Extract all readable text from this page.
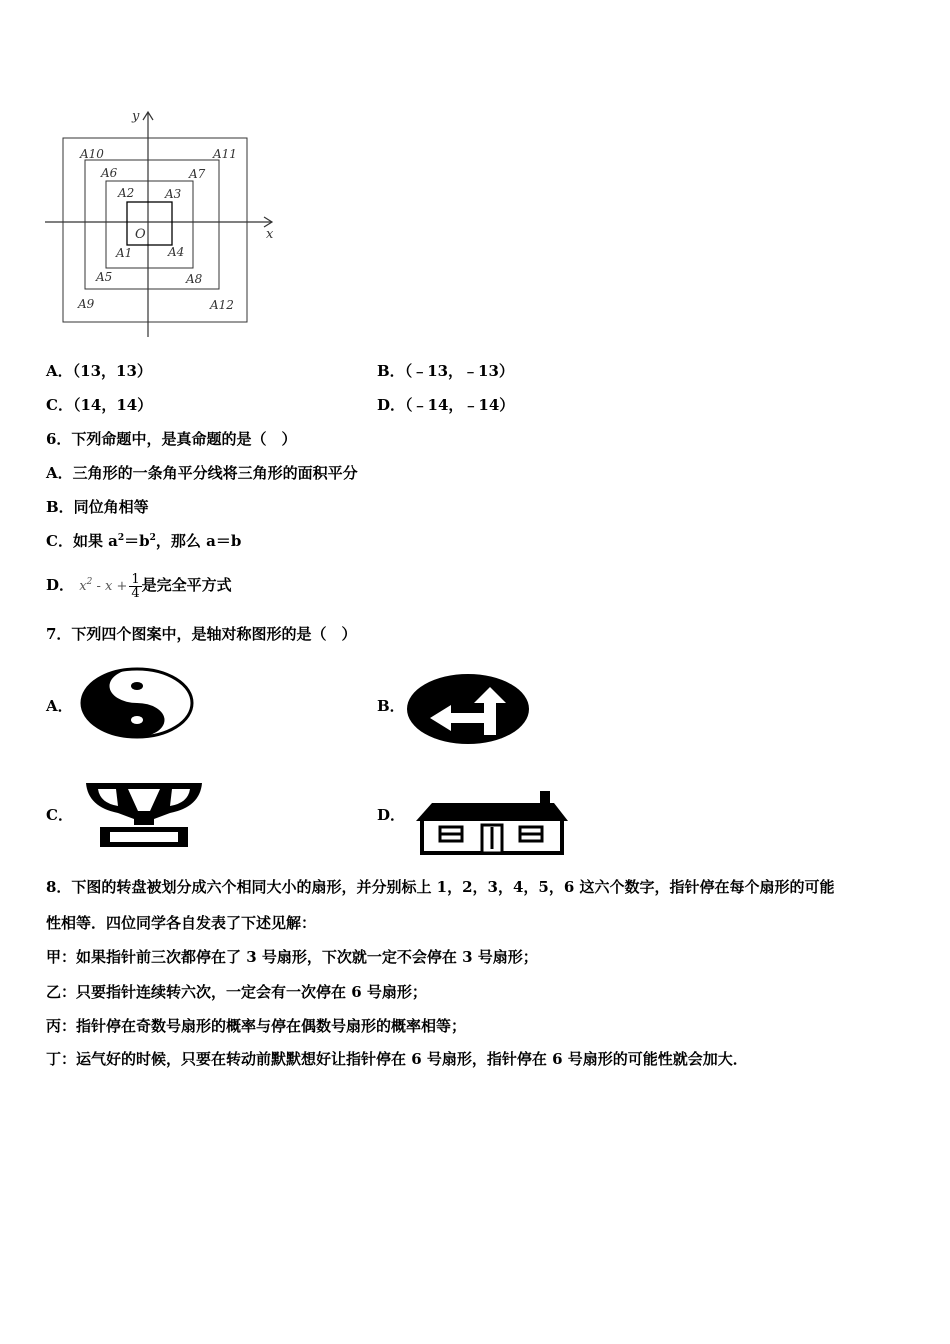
y
x
O
A10	A11
A6	A7
A2	A3
A1	A4
A5	A8
A9	A12
A．（13，13）	B．（﹣13，﹣13）
C．（14，14）	D．（﹣14，﹣14）
6．下列命题中，是真命题的是（　）
A．三角形的一条角平分线将三角形的面积平分
B．同位角相等
C．如果 $a^2=b^2$，那么 a＝b
D． $x^2 - x + \frac{1}{4}$ 是完全平方式
7．下列四个图案中，是轴对称图形的是（　）
A．	B．
C．	D．
8．下图的转盘被划分成六个相同大小的扇形，并分别标上 1，2，3，4，5，6 这六个数字，指针停在每个扇形的可能
性相等．四位同学各自发表了下述见解：
甲：如果指针前三次都停在了 3 号扇形，下次就一定不会停在 3 号扇形；
乙：只要指针连续转六次，一定会有一次停在 6 号扇形；
丙：指针停在奇数号扇形的概率与停在偶数号扇形的概率相等；
丁：运气好的时候，只要在转动前默默想好让指针停在 6 号扇形，指针停在 6 号扇形的可能性就会加大．
